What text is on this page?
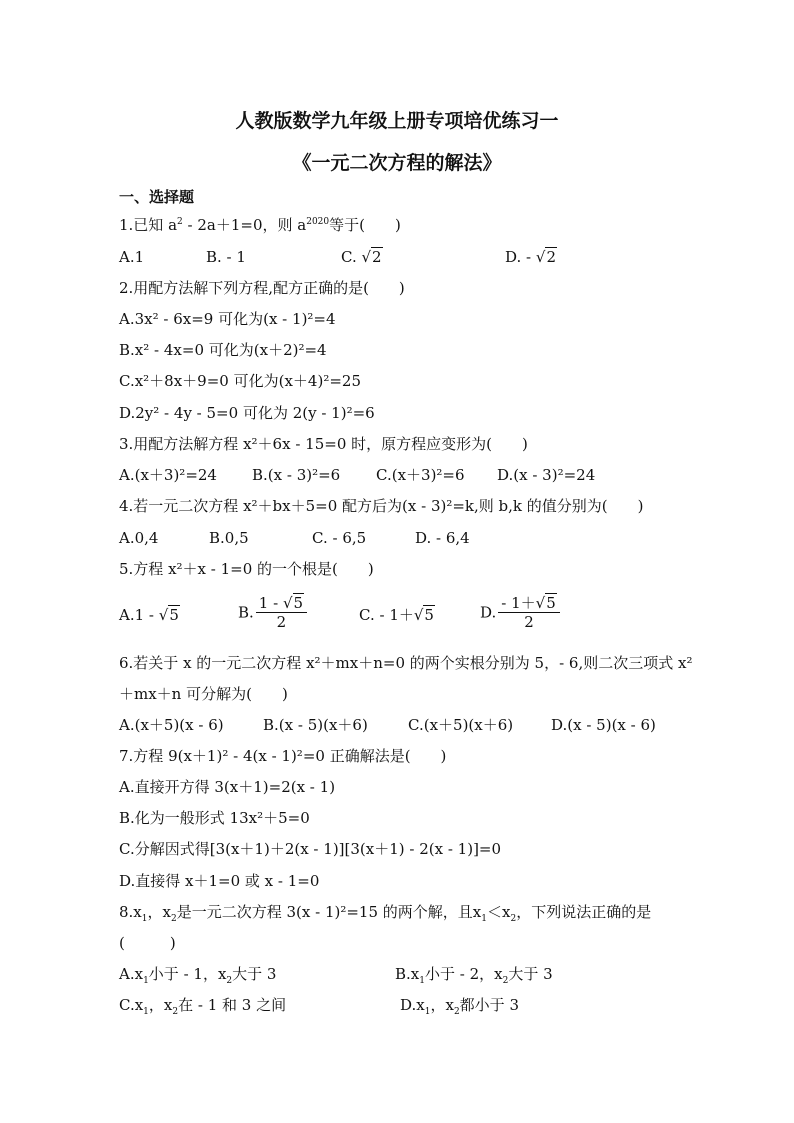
人教版数学九年级上册专项培优练习一
《一元二次方程的解法》
一、选择题
1.已知 $a^2 - 2a+1=0$，则 $a^{2020}$等于(　　)
A.1	B. - 1	C. √2	D. - √2
2.用配方法解下列方程,配方正确的是(　　)
A.3x² - 6x=9 可化为(x - 1)²=4
B.x² - 4x=0 可化为(x＋2)²=4
C.x²＋8x＋9=0 可化为(x＋4)²=25
D.2y² - 4y - 5=0 可化为 2(y - 1)²=6
3.用配方法解方程 x²＋6x - 15=0 时，原方程应变形为(　　)
A.(x＋3)²=24 B.(x - 3)²=6 C.(x＋3)²=6 D.(x - 3)²=24
4.若一元二次方程 x²＋bx＋5=0 配方后为(x - 3)²=k,则 b,k 的值分别为(　　)
A.0,4	B.0,5	C. - 6,5	D. - 6,4
5.方程 x²＋x - 1=0 的一个根是(　　)
A.1 - √5	B. $\frac{1 - √5}{2}$	C. - 1＋√5	D. $\frac{- 1+√5}{2}$
6.若关于 x 的一元二次方程 x²＋mx＋n=0 的两个实根分别为 5，- 6,则二次三项式 x²
＋mx＋n 可分解为(　　)
A.(x＋5)(x - 6)	B.(x - 5)(x＋6)	C.(x＋5)(x＋6)	D.(x - 5)(x - 6)
7.方程 9(x＋1)² - 4(x - 1)²=0 正确解法是(　　)
A.直接开方得 3(x＋1)=2(x - 1)
B.化为一般形式 13x²＋5=0
C.分解因式得[3(x＋1)＋2(x - 1)][3(x＋1) - 2(x - 1)]=0
D.直接得 x＋1=0 或 x - 1=0
$8.x_1$，$x_2$是一元二次方程 3(x - 1)²=15 的两个解，且$x_1<x_2$，下列说法正确的是
(　　　)
$A.x_1$小于 - 1，$x_2$大于 3	$B.x_1$小于 - 2，$x_2$大于 3
$C.x_1$，$x_2$在 - 1 和 3 之间	$D.x_1$，$x_2$都小于 3
